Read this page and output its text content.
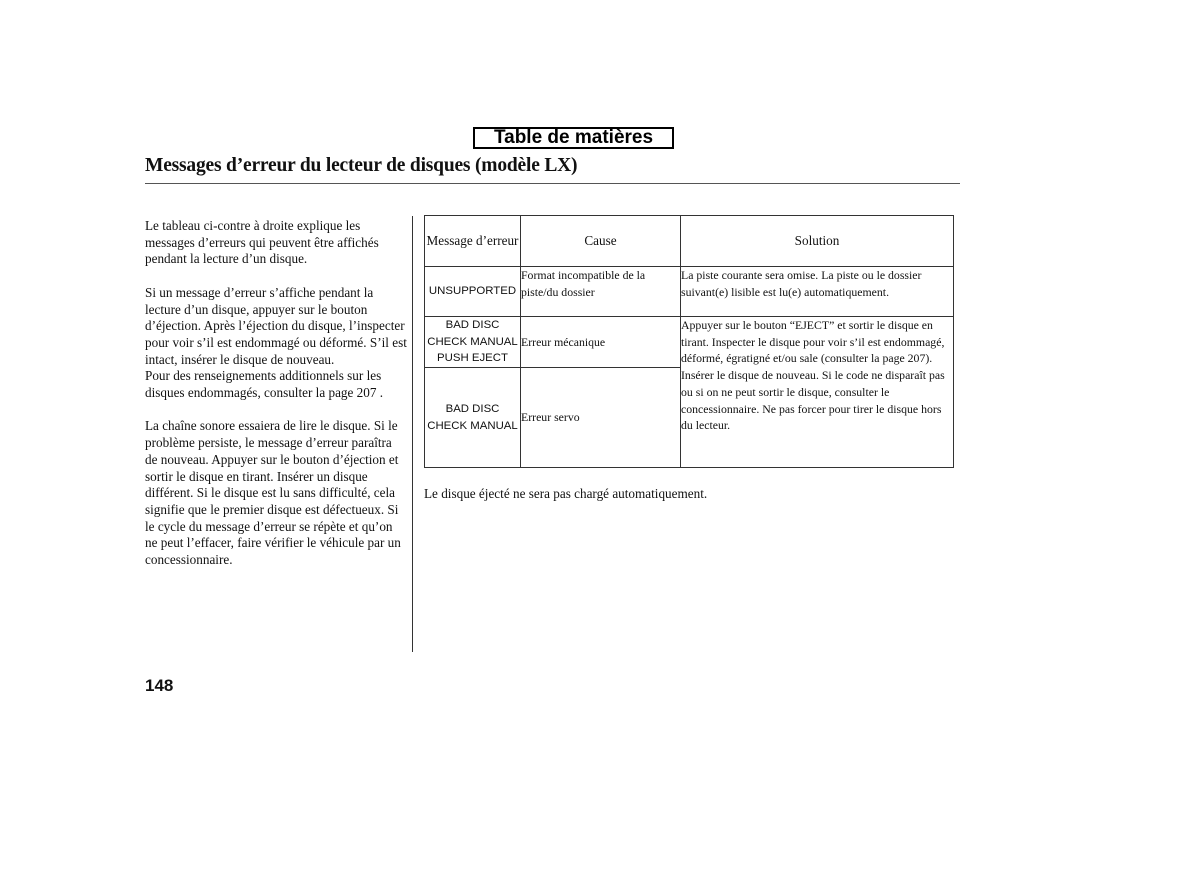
Table de matières
Messages d’erreur du lecteur de disques (modèle LX)

Le tableau ci-contre à droite explique les messages d’erreurs qui peuvent être affichés pendant la lecture d’un disque.

Si un message d’erreur s’affiche pendant la lecture d’un disque, appuyer sur le bouton d’éjection. Après l’éjection du disque, l’inspecter pour voir s’il est endommagé ou déformé. S’il est intact, insérer le disque de nouveau.

Pour des renseignements additionnels sur les disques endommagés, consulter la page 207 .

La chaîne sonore essaiera de lire le disque. Si le problème persiste, le message d’erreur paraîtra de nouveau. Appuyer sur le bouton d’éjection et sortir le disque en tirant. Insérer un disque différent. Si le disque est lu sans difficulté, cela signifie que le premier disque est défectueux. Si le cycle du message d’erreur se répète et qu’on ne peut l’effacer, faire vérifier le véhicule par un concessionnaire.

Message d’erreur	Cause	Solution
UNSUPPORTED	Format incompatible de la piste/du dossier	La piste courante sera omise. La piste ou le dossier suivant(e) lisible est lu(e) automatiquement.
BAD DISC CHECK MANUAL PUSH EJECT	Erreur mécanique	Appuyer sur le bouton “EJECT” et sortir le disque en tirant. Inspecter le disque pour voir s’il est endommagé, déformé, égratigné et/ou sale (consulter la page 207). Insérer le disque de nouveau. Si le code ne disparaît pas ou si on ne peut sortir le disque, consulter le concessionnaire. Ne pas forcer pour tirer le disque hors du lecteur.
BAD DISC CHECK MANUAL	Erreur servo	
Le disque éjecté ne sera pas chargé automatiquement.
148
